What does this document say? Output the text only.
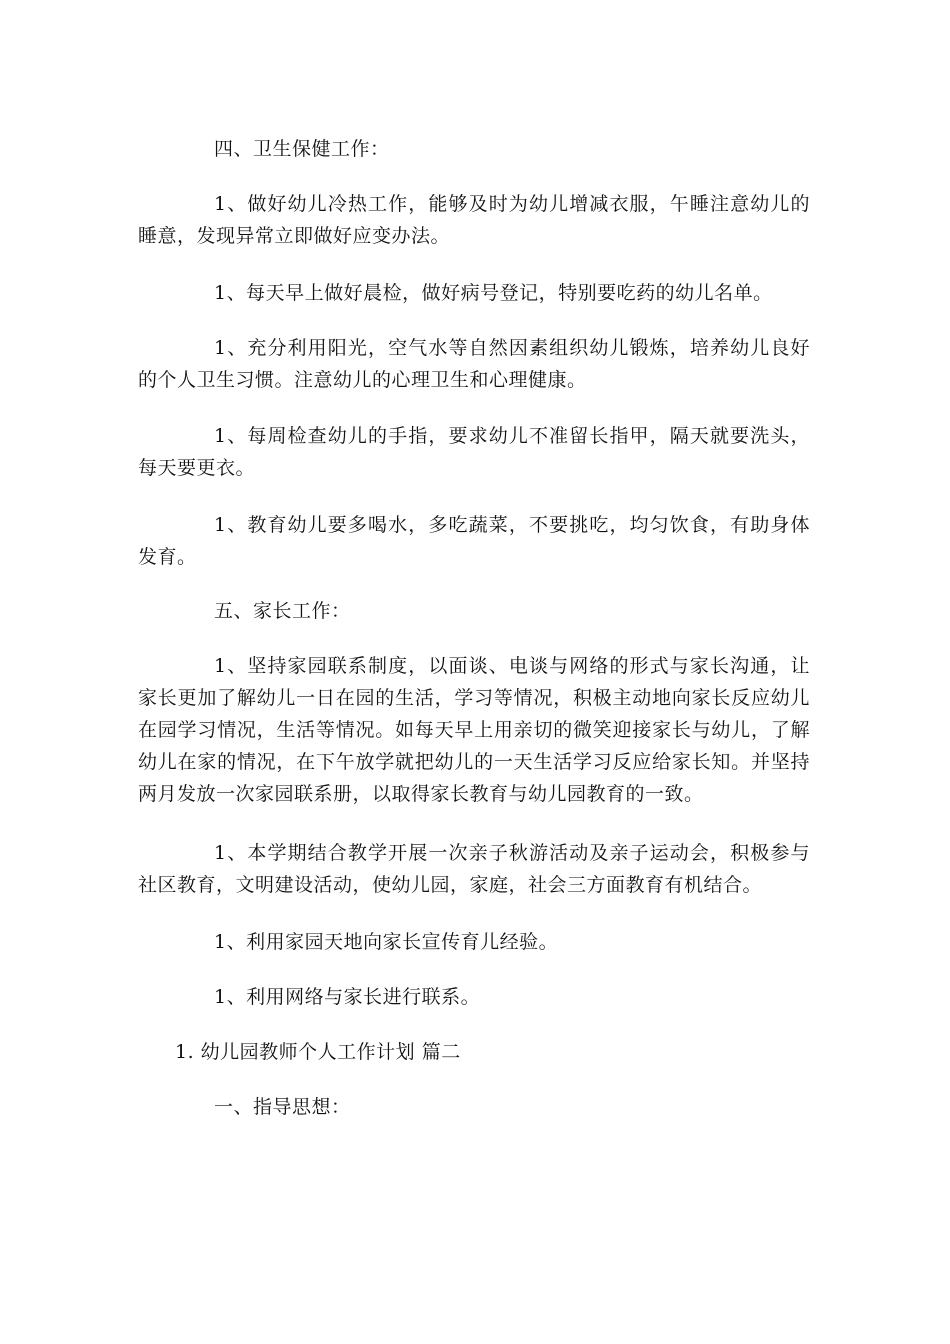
四、卫生保健工作：

1、做好幼儿冷热工作，能够及时为幼儿增减衣服，午睡注意幼儿的睡意，发现异常立即做好应变办法。

1、每天早上做好晨检，做好病号登记，特别要吃药的幼儿名单。

1、充分利用阳光，空气水等自然因素组织幼儿锻炼，培养幼儿良好的个人卫生习惯。注意幼儿的心理卫生和心理健康。

1、每周检查幼儿的手指，要求幼儿不准留长指甲，隔天就要洗头，每天要更衣。

1、教育幼儿要多喝水，多吃蔬菜，不要挑吃，均匀饮食，有助身体发育。

五、家长工作：

1、坚持家园联系制度，以面谈、电谈与网络的形式与家长沟通，让家长更加了解幼儿一日在园的生活，学习等情况，积极主动地向家长反应幼儿在园学习情况，生活等情况。如每天早上用亲切的微笑迎接家长与幼儿，了解幼儿在家的情况，在下午放学就把幼儿的一天生活学习反应给家长知。并坚持两月发放一次家园联系册，以取得家长教育与幼儿园教育的一致。

1、本学期结合教学开展一次亲子秋游活动及亲子运动会，积极参与社区教育，文明建设活动，使幼儿园，家庭，社会三方面教育有机结合。

1、利用家园天地向家长宣传育儿经验。

1、利用网络与家长进行联系。

1. 幼儿园教师个人工作计划 篇二

一、指导思想：
